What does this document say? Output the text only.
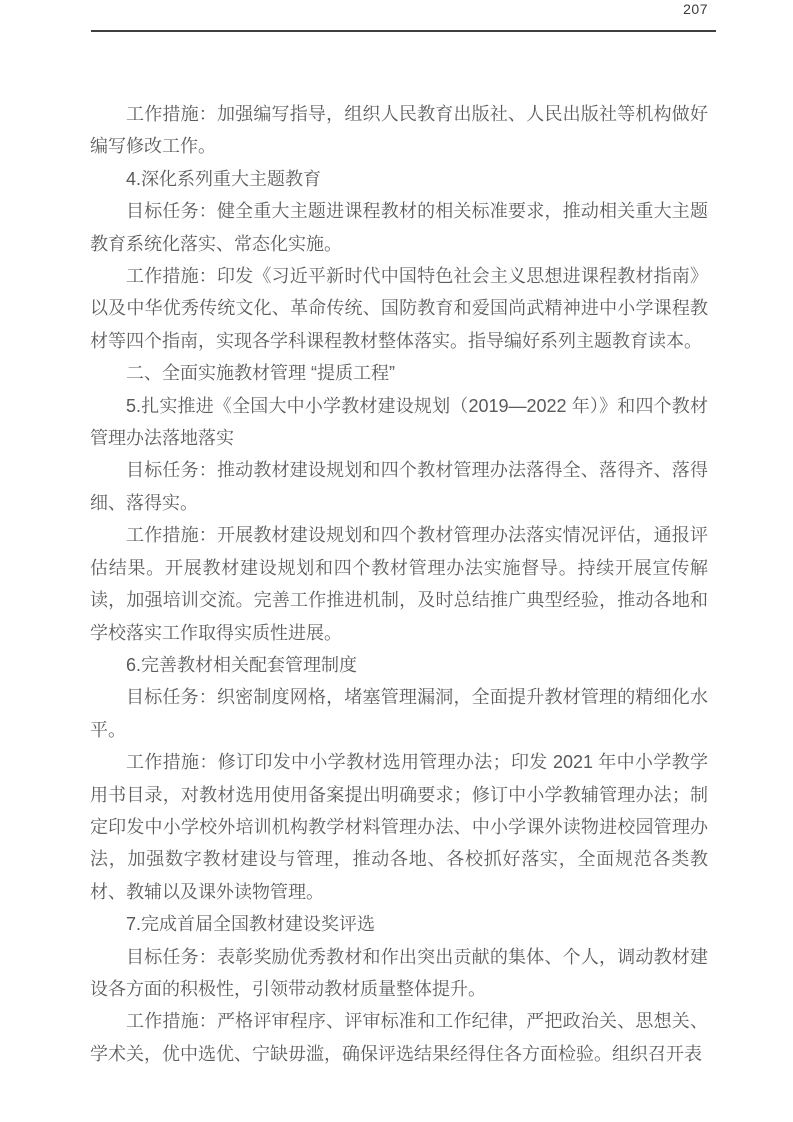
207

工作措施：加强编写指导，组织人民教育出版社、人民出版社等机构做好编写修改工作。

4.深化系列重大主题教育

目标任务：健全重大主题进课程教材的相关标准要求，推动相关重大主题教育系统化落实、常态化实施。

工作措施：印发《习近平新时代中国特色社会主义思想进课程教材指南》以及中华优秀传统文化、革命传统、国防教育和爱国尚武精神进中小学课程教材等四个指南，实现各学科课程教材整体落实。指导编好系列主题教育读本。

二、全面实施教材管理 “提质工程”

5.扎实推进《全国大中小学教材建设规划（2019—2022 年）》和四个教材管理办法落地落实

目标任务：推动教材建设规划和四个教材管理办法落得全、落得齐、落得细、落得实。

工作措施：开展教材建设规划和四个教材管理办法落实情况评估，通报评估结果。开展教材建设规划和四个教材管理办法实施督导。持续开展宣传解读，加强培训交流。完善工作推进机制，及时总结推广典型经验，推动各地和学校落实工作取得实质性进展。

6.完善教材相关配套管理制度

目标任务：织密制度网格，堵塞管理漏洞，全面提升教材管理的精细化水平。

工作措施：修订印发中小学教材选用管理办法；印发 2021 年中小学教学用书目录，对教材选用使用备案提出明确要求；修订中小学教辅管理办法；制定印发中小学校外培训机构教学材料管理办法、中小学课外读物进校园管理办法，加强数字教材建设与管理，推动各地、各校抓好落实，全面规范各类教材、教辅以及课外读物管理。

7.完成首届全国教材建设奖评选

目标任务：表彰奖励优秀教材和作出突出贡献的集体、个人，调动教材建设各方面的积极性，引领带动教材质量整体提升。

工作措施：严格评审程序、评审标准和工作纪律，严把政治关、思想关、学术关，优中选优、宁缺毋滥，确保评选结果经得住各方面检验。组织召开表
